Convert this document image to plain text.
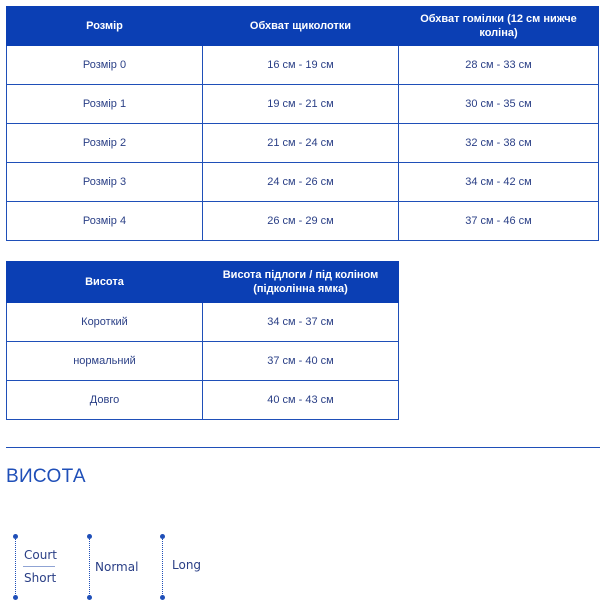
Розмір	Обхват щиколотки	Обхват гомілки (12 см нижче коліна)
Розмір 0	16 см - 19 см	28 см - 33 см
Розмір 1	19 см - 21 см	30 см - 35 см
Розмір 2	21 см - 24 см	32 см - 38 см
Розмір 3	24 см - 26 см	34 см - 42 см
Розмір 4	26 см - 29 см	37 см - 46 см
Висота	Висота підлоги / під коліном (підколінна ямка)
Короткий	34 см - 37 см
нормальний	37 см - 40 см
Довго	40 см - 43 см
ВИСОТА
Court
Short
Normal	Long
